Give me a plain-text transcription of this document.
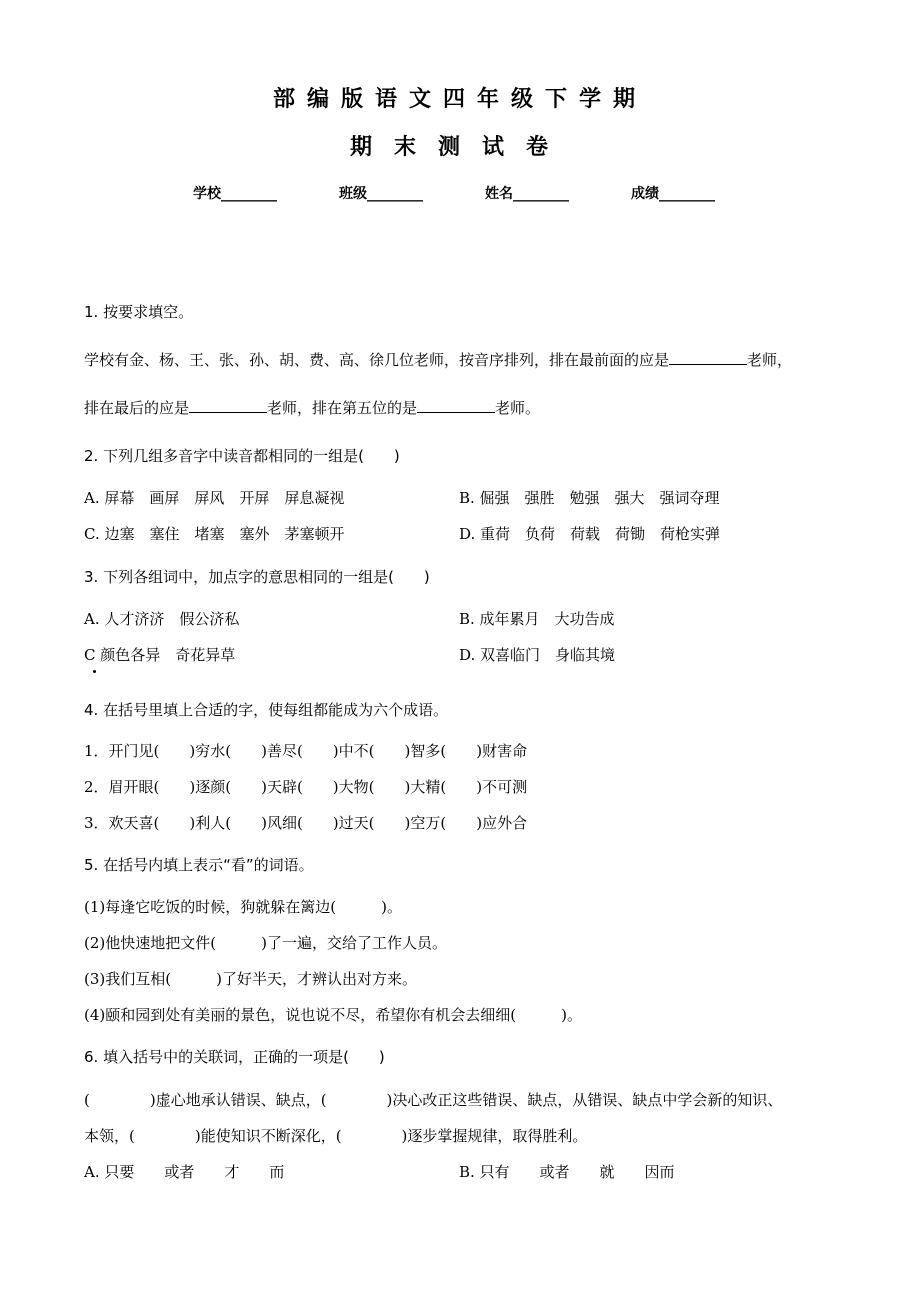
部编版语文四年级下学期
期末测试卷
学校________	班级________	姓名________	成绩________
1. 按要求填空。
学校有金、杨、王、张、孙、胡、费、高、徐几位老师，按音序排列，排在最前面的应是	老师，
排在最后的应是	老师，排在第五位的是	老师。
2. 下列几组多音字中读音都相同的一组是(　　)
A. 屏幕　画屏　屏风　开屏　屏息凝视	B. 倔强　强胜　勉强　强大　强词夺理
C. 边塞　塞住　堵塞　塞外　茅塞顿开	D. 重荷　负荷　荷载　荷锄　荷枪实弹
3. 下列各组词中，加点字的意思相同的一组是(　　)
A. 人才济济　假公济私	B. 成年累月　大功告成
C 颜色各异　奇花异草	D. 双喜临门　身临其境
4. 在括号里填上合适的字，使每组都能成为六个成语。
1．开门见(　　)穷水(　　)善尽(　　)中不(　　)智多(　　)财害命
2．眉开眼(　　)逐颜(　　)天辟(　　)大物(　　)大精(　　)不可测
3．欢天喜(　　)利人(　　)风细(　　)过天(　　)空万(　　)应外合
5. 在括号内填上表示“看”的词语。
(1)每逢它吃饭的时候，狗就躲在篱边(　　　)。
(2)他快速地把文件(　　　)了一遍，交给了工作人员。
(3)我们互相(　　　)了好半天，才辨认出对方来。
(4)颐和园到处有美丽的景色，说也说不尽，希望你有机会去细细(　　　)。
6. 填入括号中的关联词，正确的一项是(　　)
(　　　　)虚心地承认错误、缺点，(　　　　)决心改正这些错误、缺点，从错误、缺点中学会新的知识、
本领，(　　　　)能使知识不断深化，(　　　　)逐步掌握规律，取得胜利。
A. 只要　　或者　　才　　而	B. 只有　　或者　　就　　因而
